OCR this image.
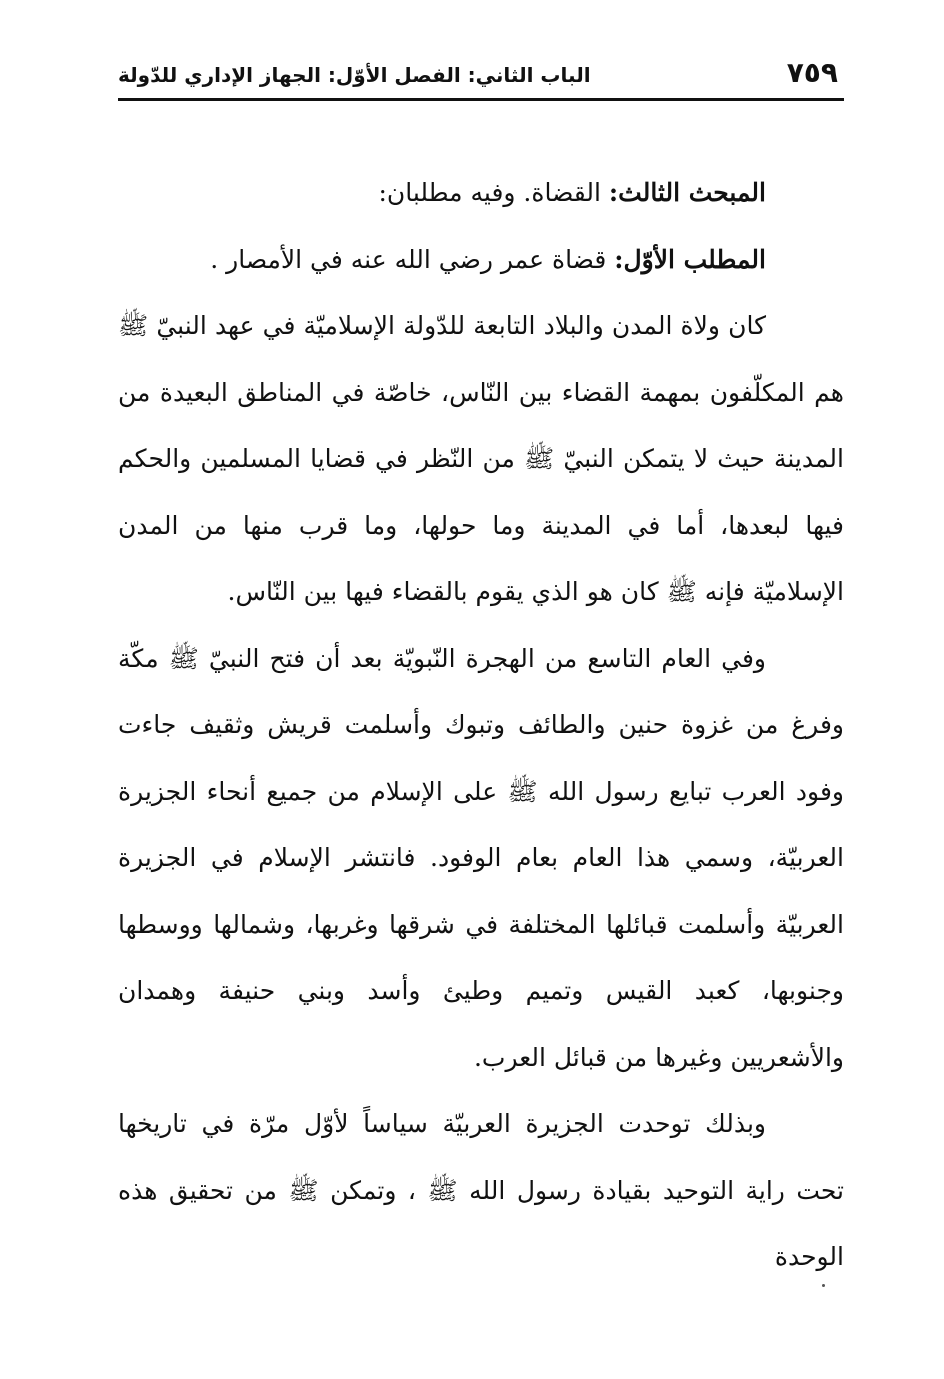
٧٥٩
الباب الثاني: الفصل الأوّل: الجهاز الإداري للدّولة

المبحث الثالث: القضاة. وفيه مطلبان:

المطلب الأوّل: قضاة عمر رضي الله عنه في الأمصار .

كان ولاة المدن والبلاد التابعة للدّولة الإسلاميّة في عهد النبيّ ﷺ هم المكلّفون بمهمة القضاء بين النّاس، خاصّة في المناطق البعيدة من المدينة حيث لا يتمكن النبيّ ﷺ من النّظر في قضايا المسلمين والحكم فيها لبعدها، أما في المدينة وما حولها، وما قرب منها من المدن الإسلاميّة فإنه ﷺ كان هو الذي يقوم بالقضاء فيها بين النّاس.

وفي العام التاسع من الهجرة النّبويّة بعد أن فتح النبيّ ﷺ مكّة وفرغ من غزوة حنين والطائف وتبوك وأسلمت قريش وثقيف جاءت وفود العرب تبايع رسول الله ﷺ على الإسلام من جميع أنحاء الجزيرة العربيّة، وسمي هذا العام بعام الوفود. فانتشر الإسلام في الجزيرة العربيّة وأسلمت قبائلها المختلفة في شرقها وغربها، وشمالها ووسطها وجنوبها، كعبد القيس وتميم وطيئ وأسد وبني حنيفة وهمدان والأشعريين وغيرها من قبائل العرب.

وبذلك توحدت الجزيرة العربيّة سياساً لأوّل مرّة في تاريخها تحت راية التوحيد بقيادة رسول الله ﷺ ، وتمكن ﷺ من تحقيق هذه الوحدة
